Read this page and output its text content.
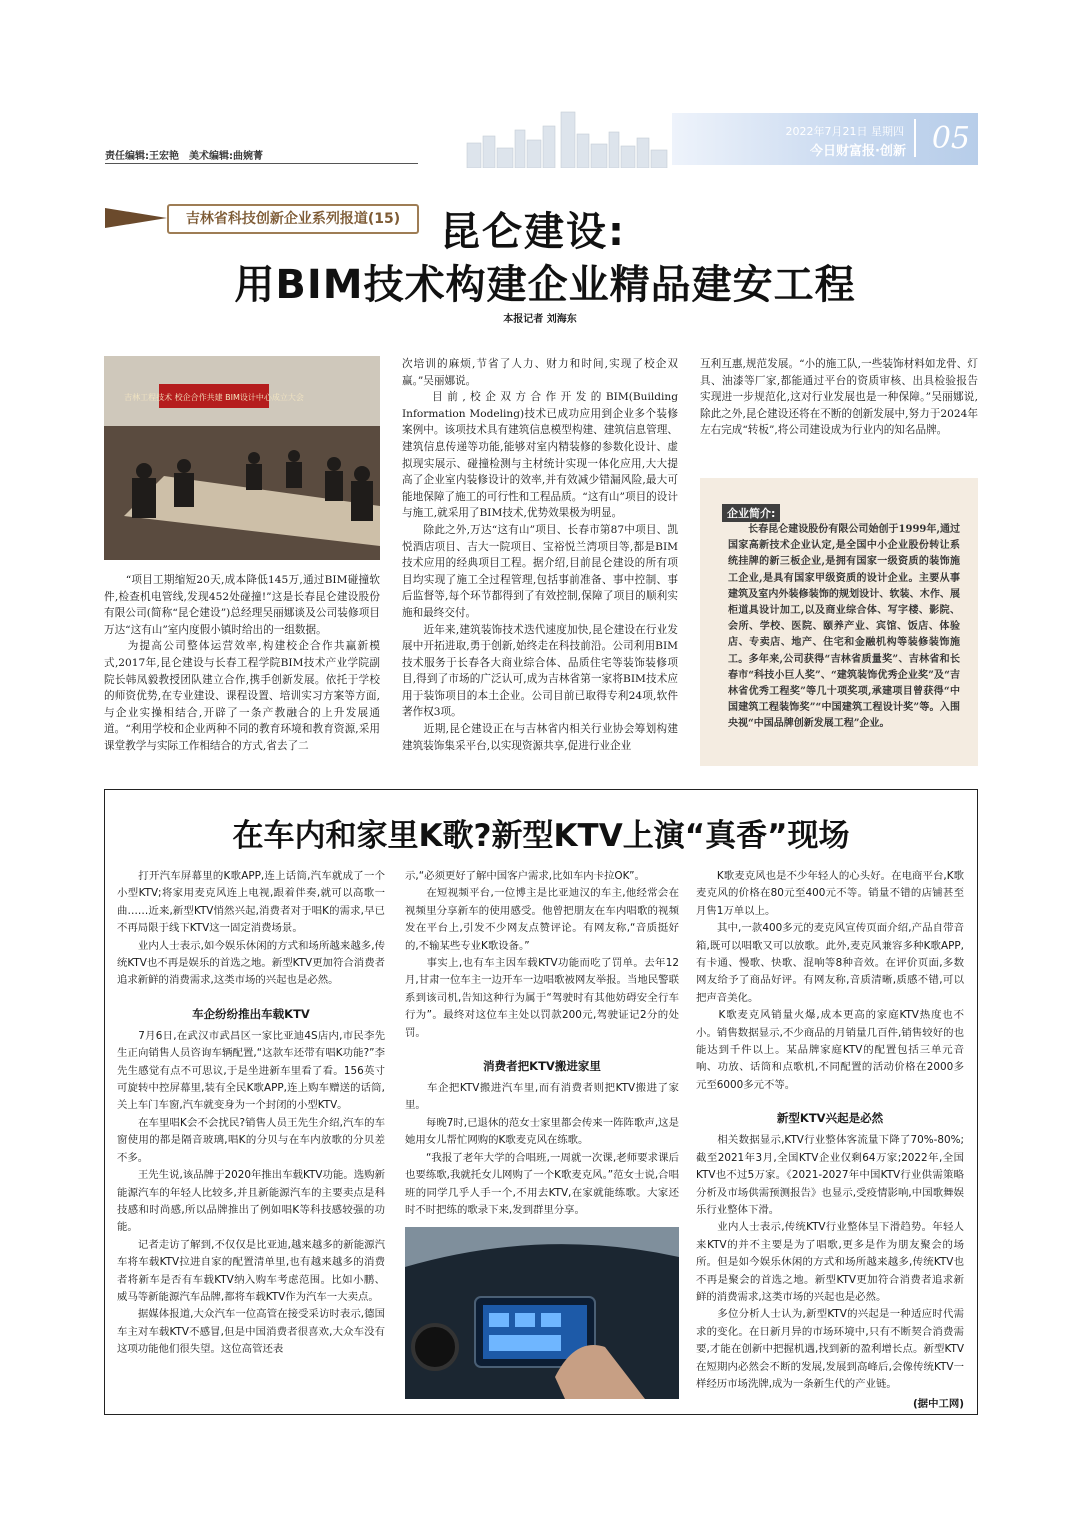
责任编辑:王宏艳　美术编辑:曲婉菁
2022年7月21日 星期四
今日财富报·创新 05
吉林省科技创新企业系列报道(15) 昆仑建设:
用BIM技术构建企业精品建安工程
本报记者 刘海东
吉林工程技术 校企合作共建 BIM设计中心成立大会

　　“项目工期缩短20天,成本降低145万,通过BIM碰撞软件,检查机电管线,发现452处碰撞!”这是长春昆仑建设股份有限公司(简称“昆仑建设”)总经理吴丽娜谈及公司装修项目万达“这有山”室内度假小镇时给出的一组数据。

　　为提高公司整体运营效率,构建校企合作共赢新模式,2017年,昆仑建设与长春工程学院BIM技术产业学院副院长韩凤毅教授团队建立合作,携手创新发展。依托于学校的师资优势,在专业建设、课程设置、培训实习方案等方面,与企业实操相结合,开辟了一条产教融合的上升发展通道。“利用学校和企业两种不同的教育环境和教育资源,采用课堂教学与实际工作相结合的方式,省去了二

次培训的麻烦,节省了人力、财力和时间,实现了校企双赢。”吴丽娜说。

　　目前,校企双方合作开发的BIM(Building Information Modeling)技术已成功应用到企业多个装修案例中。该项技术具有建筑信息模型构建、建筑信息管理、建筑信息传递等功能,能够对室内精装修的参数化设计、虚拟现实展示、碰撞检测与主材统计实现一体化应用,大大提高了企业室内装修设计的效率,并有效减少错漏风险,最大可能地保障了施工的可行性和工程品质。“这有山”项目的设计与施工,就采用了BIM技术,优势效果极为明显。

　　除此之外,万达“这有山”项目、长春市第87中项目、凯悦酒店项目、吉大一院项目、宝裕悦兰湾项目等,都是BIM技术应用的经典项目工程。据介绍,目前昆仑建设的所有项目均实现了施工全过程管理,包括事前准备、事中控制、事后监督等,每个环节都得到了有效控制,保障了项目的顺利实施和最终交付。

　　近年来,建筑装饰技术迭代速度加快,昆仑建设在行业发展中开拓进取,勇于创新,始终走在科技前沿。公司利用BIM技术服务于长春各大商业综合体、品质住宅等装饰装修项目,得到了市场的广泛认可,成为吉林省第一家将BIM技术应用于装饰项目的本土企业。公司目前已取得专利24项,软件著作权3项。

　　近期,昆仑建设正在与吉林省内相关行业协会筹划构建建筑装饰集采平台,以实现资源共享,促进行业企业

互利互惠,规范发展。“小的施工队,一些装饰材料如龙骨、灯具、油漆等厂家,都能通过平台的资质审核、出具检验报告实现进一步规范化,这对行业发展也是一种保障。”吴丽娜说,除此之外,昆仑建设还将在不断的创新发展中,努力于2024年左右完成“转板”,将公司建设成为行业内的知名品牌。

企业简介:
　　长春昆仑建设股份有限公司始创于1999年,通过国家高新技术企业认定,是全国中小企业股份转让系统挂牌的新三板企业,是拥有国家一级资质的装饰施工企业,是具有国家甲级资质的设计企业。主要从事建筑及室内外装修装饰的规划设计、软装、木作、展柜道具设计加工,以及商业综合体、写字楼、影院、会所、学校、医院、颐养产业、宾馆、饭店、体验店、专卖店、地产、住宅和金融机构等装修装饰施工。多年来,公司获得“吉林省质量奖”、吉林省和长春市“科技小巨人奖”、“建筑装饰优秀企业奖”及“吉林省优秀工程奖”等几十项奖项,承建项目曾获得“中国建筑工程装饰奖”“中国建筑工程设计奖”等。入围央视“中国品牌创新发展工程”企业。
在车内和家里K歌?新型KTV上演“真香”现场

　　打开汽车屏幕里的K歌APP,连上话筒,汽车就成了一个小型KTV;将家用麦克风连上电视,跟着伴奏,就可以高歌一曲……近来,新型KTV悄然兴起,消费者对于唱K的需求,早已不再局限于线下KTV这一固定消费场景。

　　业内人士表示,如今娱乐休闲的方式和场所越来越多,传统KTV也不再是娱乐的首选之地。新型KTV更加符合消费者追求新鲜的消费需求,这类市场的兴起也是必然。

车企纷纷推出车载KTV

　　7月6日,在武汉市武昌区一家比亚迪4S店内,市民李先生正向销售人员咨询车辆配置,“这款车还带有唱K功能?”李先生感觉有点不可思议,于是坐进新车里看了看。156英寸可旋转中控屏幕里,装有全民K歌APP,连上购车赠送的话筒,关上车门车窗,汽车就变身为一个封闭的小型KTV。

　　在车里唱K会不会扰民?销售人员王先生介绍,汽车的车窗使用的都是隔音玻璃,唱K的分贝与在车内放歌的分贝差不多。

　　王先生说,该品牌于2020年推出车载KTV功能。选购新能源汽车的年轻人比较多,并且新能源汽车的主要卖点是科技感和时尚感,所以品牌推出了例如唱K等科技感较强的功能。

　　记者走访了解到,不仅仅是比亚迪,越来越多的新能源汽车将车载KTV拉进自家的配置清单里,也有越来越多的消费者将新车是否有车载KTV纳入购车考虑范围。比如小鹏、威马等新能源汽车品牌,都将车载KTV作为汽车一大卖点。

　　据媒体报道,大众汽车一位高管在接受采访时表示,德国车主对车载KTV不感冒,但是中国消费者很喜欢,大众车没有这项功能他们很失望。这位高管还表

示,“必须更好了解中国客户需求,比如车内卡拉OK”。

　　在短视频平台,一位博主是比亚迪汉的车主,他经常会在视频里分享新车的使用感受。他曾把朋友在车内唱歌的视频发在平台上,引发不少网友点赞评论。有网友称,“音质挺好的,不输某些专业K歌设备。”

　　事实上,也有车主因车载KTV功能而吃了罚单。去年12月,甘肃一位车主一边开车一边唱歌被网友举报。当地民警联系到该司机,告知这种行为属于“驾驶时有其他妨碍安全行车行为”。最终对这位车主处以罚款200元,驾驶证记2分的处罚。

消费者把KTV搬进家里

　　车企把KTV搬进汽车里,而有消费者则把KTV搬进了家里。

　　每晚7时,已退休的范女士家里都会传来一阵阵歌声,这是她用女儿帮忙网购的K歌麦克风在练歌。

　　“我报了老年大学的合唱班,一周就一次课,老师要求课后也要练歌,我就托女儿网购了一个K歌麦克风。”范女士说,合唱班的同学几乎人手一个,不用去KTV,在家就能练歌。大家还时不时把练的歌录下来,发到群里分享。

　　K歌麦克风也是不少年轻人的心头好。在电商平台,K歌麦克风的价格在80元至400元不等。销量不错的店铺甚至月售1万单以上。

　　其中,一款400多元的麦克风宣传页面介绍,产品自带音箱,既可以唱歌又可以放歌。此外,麦克风兼容多种K歌APP,有卡通、慢歌、快歌、混响等8种音效。在评价页面,多数网友给予了商品好评。有网友称,音质清晰,质感不错,可以把声音美化。

　　K歌麦克风销量火爆,成本更高的家庭KTV热度也不小。销售数据显示,不少商品的月销量几百件,销售较好的也能达到千件以上。某品牌家庭KTV的配置包括三单元音响、功放、话筒和点歌机,不同配置的活动价格在2000多元至6000多元不等。

新型KTV兴起是必然

　　相关数据显示,KTV行业整体客流量下降了70%-80%;截至2021年3月,全国KTV企业仅剩64万家;2022年,全国KTV也不过5万家。《2021-2027年中国KTV行业供需策略分析及市场供需预测报告》也显示,受疫情影响,中国歌舞娱乐行业整体下滑。

　　业内人士表示,传统KTV行业整体呈下滑趋势。年轻人来KTV的并不主要是为了唱歌,更多是作为朋友聚会的场所。但是如今娱乐休闲的方式和场所越来越多,传统KTV也不再是聚会的首选之地。新型KTV更加符合消费者追求新鲜的消费需求,这类市场的兴起也是必然。

　　多位分析人士认为,新型KTV的兴起是一种适应时代需求的变化。在日新月异的市场环境中,只有不断契合消费需要,才能在创新中把握机遇,找到新的盈利增长点。新型KTV在短期内必然会不断的发展,发展到高峰后,会像传统KTV一样经历市场洗牌,成为一条新生代的产业链。

(据中工网)
